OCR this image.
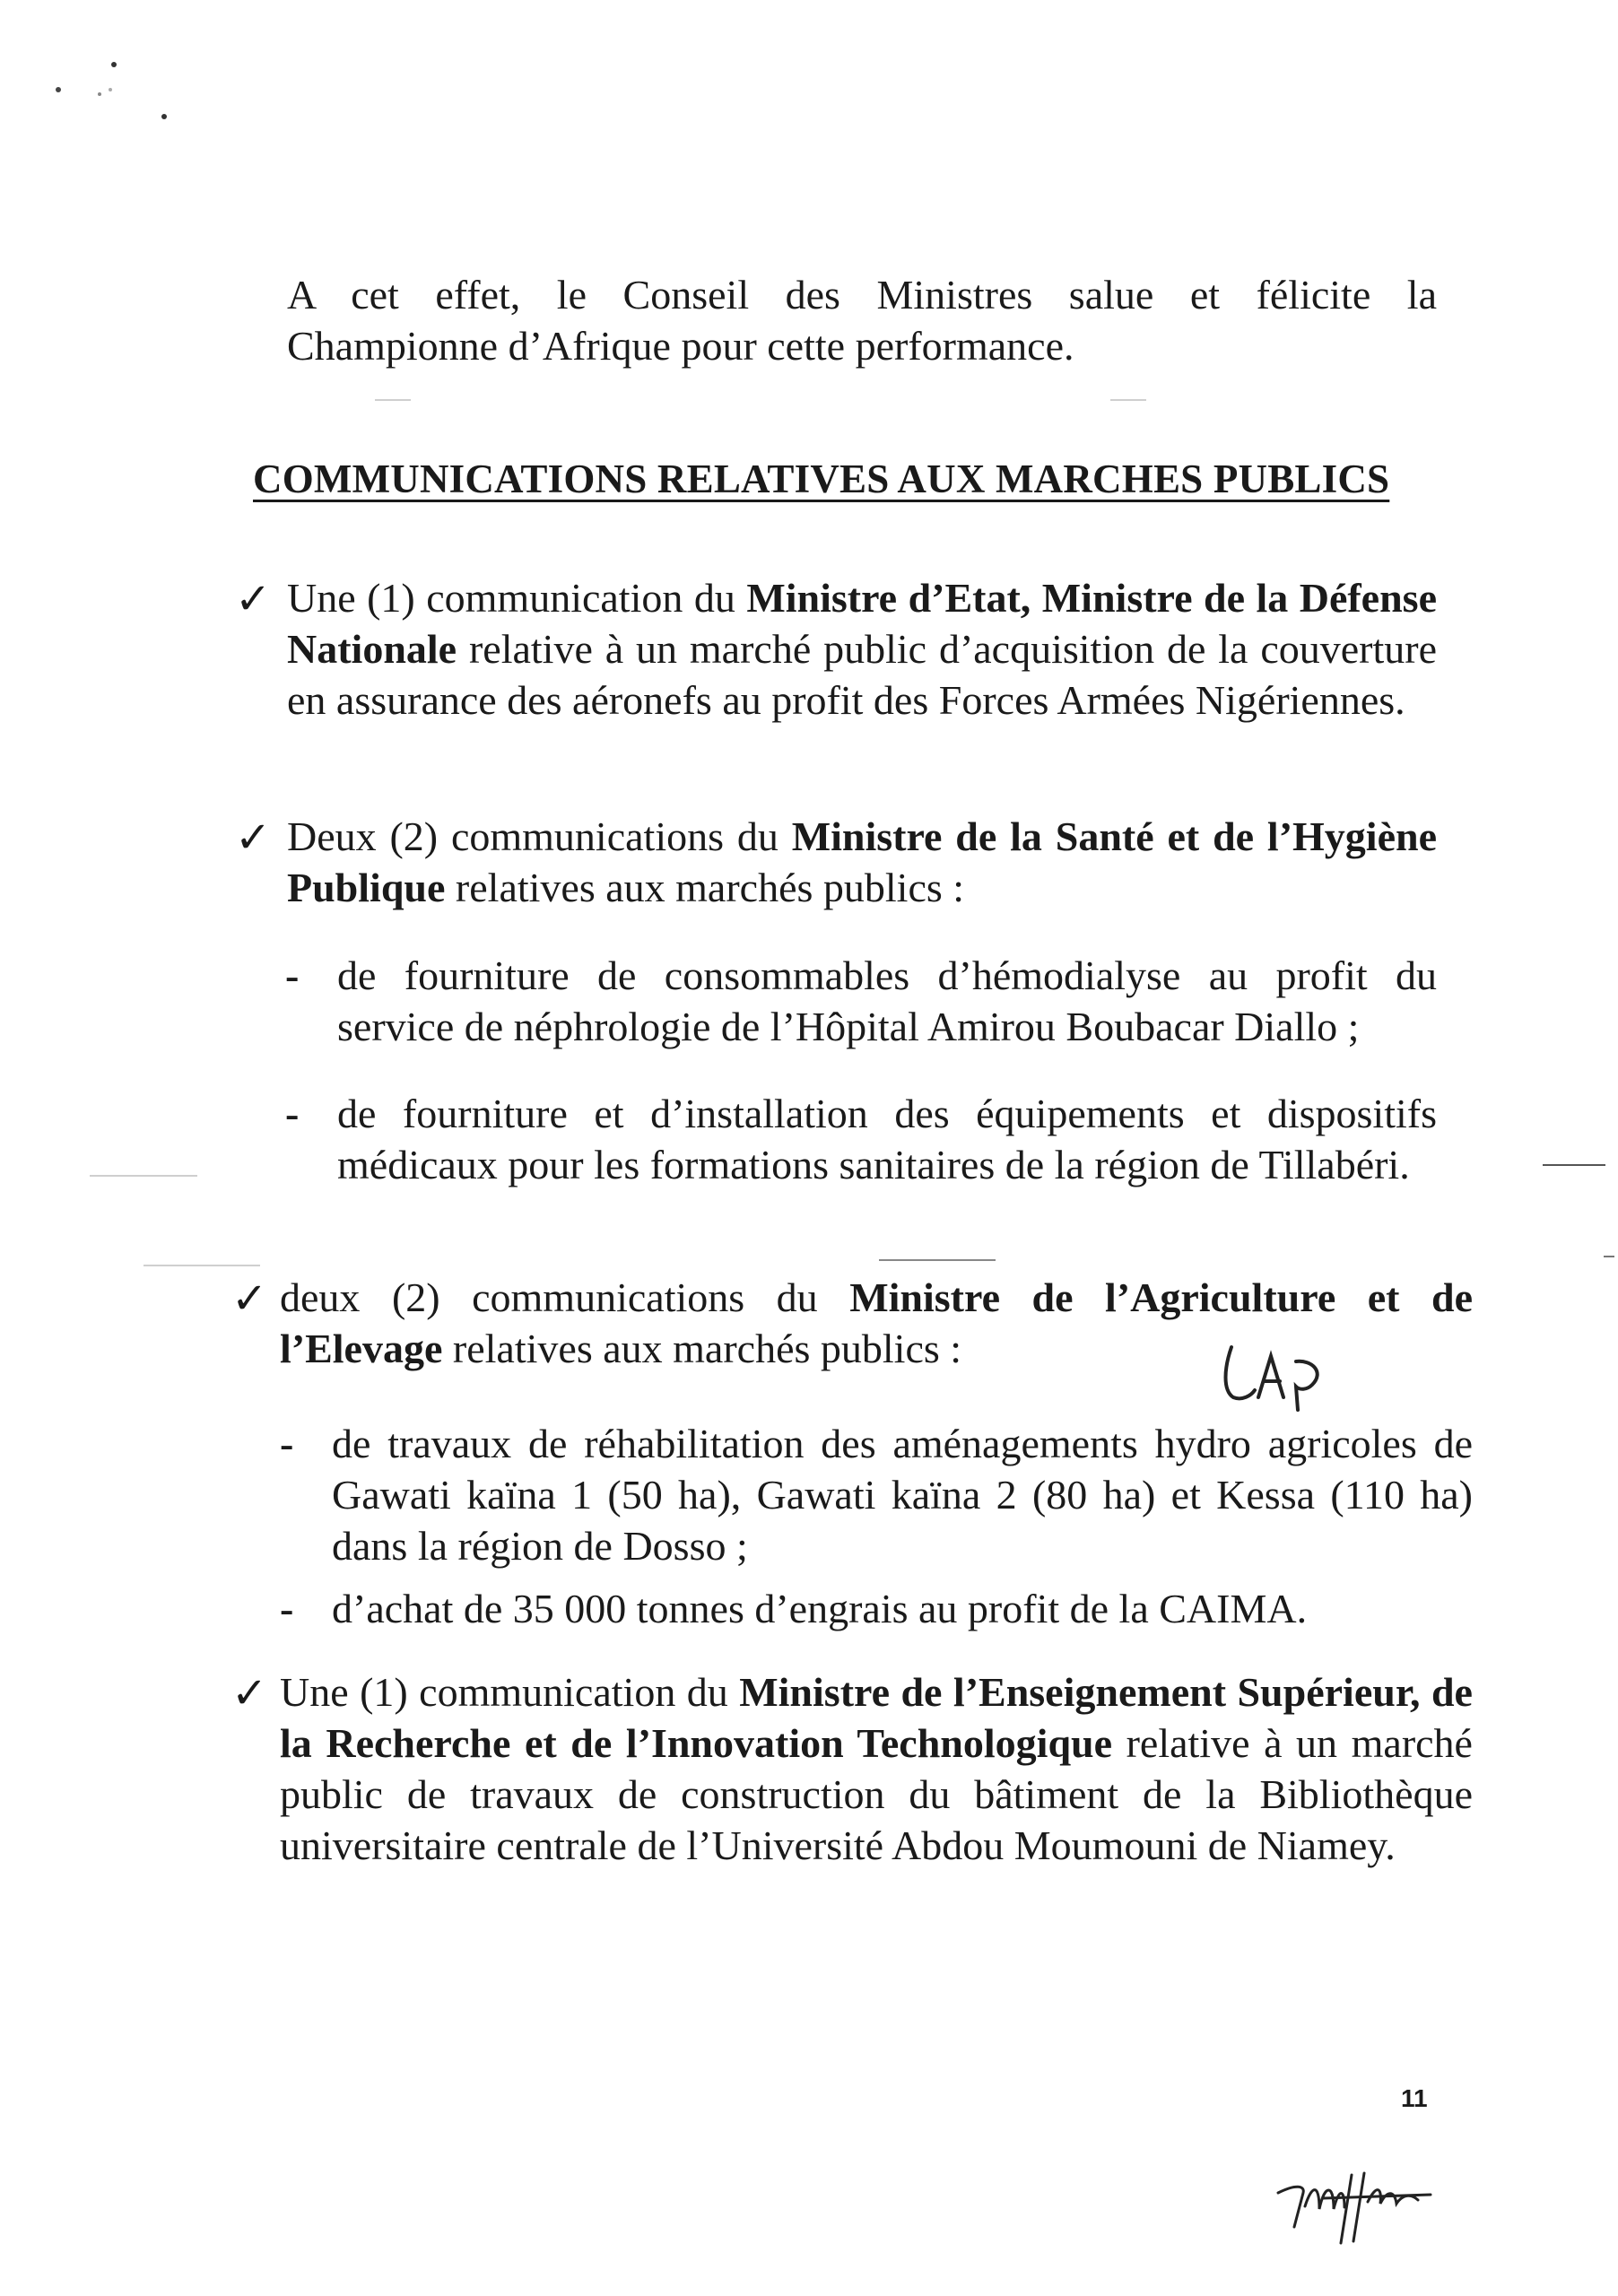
A cet effet, le Conseil des Ministres salue et félicite la
Championne d’Afrique pour cette performance.

COMMUNICATIONS RELATIVES AUX MARCHES PUBLICS
✓ Une (1) communication du Ministre d’Etat, Ministre de la Défense Nationale relative à un marché public d’acquisition de la couverture en assurance des aéronefs au profit des Forces Armées Nigériennes.

✓ Deux (2) communications du Ministre de la Santé et de l’Hygiène Publique relatives aux marchés publics :

- de fourniture de consommables d’hémodialyse au profit du service de néphrologie de l’Hôpital Amirou Boubacar Diallo ;

- de fourniture et d’installation des équipements et dispositifs médicaux pour les formations sanitaires de la région de Tillabéri.

✓ deux (2) communications du Ministre de l’Agriculture et de l’Elevage relatives aux marchés publics :

- de travaux de réhabilitation des aménagements hydro agricoles de Gawati kaïna 1 (50 ha), Gawati kaïna 2 (80 ha) et Kessa (110 ha) dans la région de Dosso ;

- d’achat de 35 000 tonnes d’engrais au profit de la CAIMA.

✓ Une (1) communication du Ministre de l’Enseignement Supérieur, de la Recherche et de l’Innovation Technologique relative à un marché public de travaux de construction du bâtiment de la Bibliothèque universitaire centrale de l’Université Abdou Moumouni de Niamey.

11
